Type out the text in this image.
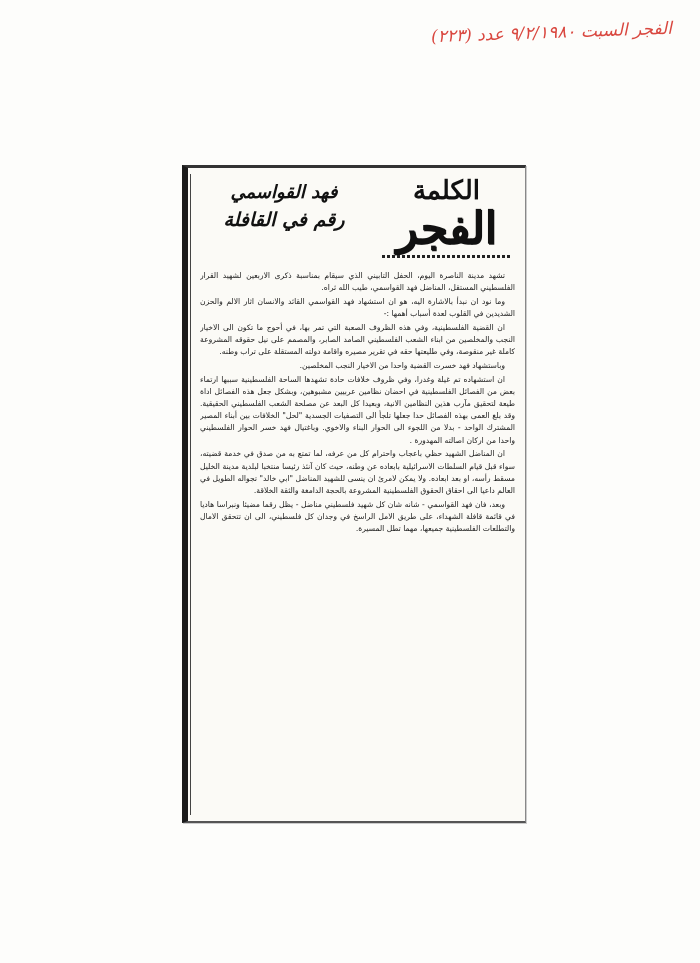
الفجر السبت ٩/٢/١٩٨٠ عدد (٢٢٣)
الكلمة
الفجر
فهد القواسمي
رقم في القافلة

تشهد مدينة الناصرة اليوم، الحفل التابيني الذي سيقام بمناسبة ذكرى الاربعين لشهيد القرار الفلسطيني المستقل، المناضل فهد القواسمي، طيب الله ثراه.

وما نود ان نبدأ بالاشارة اليه، هو ان استشهاد فهد القواسمي القائد والانسان اثار الالم والحزن الشديدين في القلوب لعدة أسباب أهمها :-

ان القضية الفلسطينية، وفي هذه الظروف الصعبة التي تمر بها، في أحوج ما تكون الى الاخيار النجب والمخلصين من ابناء الشعب الفلسطيني الصامد الصابر، والمصمم على نيل حقوقه المشروعة كاملة غير منقوصة، وفي طليعتها حقه في تقرير مصيره واقامة دولته المستقلة على تراب وطنه.

وباستشهاد فهد خسرت القضية واحدا من الاخيار النجب المخلصين.

ان استشهاده تم غيلة وغدرا، وفي ظروف خلافات حادة تشهدها الساحة الفلسطينية سببها ارتماء بعض من الفصائل الفلسطينية في احضان نظامين عربيين مشبوهين، وبشكل جعل هذه الفصائل اداة طيعة لتحقيق مآرب هذين النظامين الانية، وبعيدا كل البعد عن مصلحة الشعب الفلسطيني الحقيقية. وقد بلغ العمى بهذه الفصائل حدا جعلها تلجأ الى التصفيات الجسدية "لحل" الخلافات بين أبناء المصير المشترك الواحد - بدلا من اللجوء الى الحوار البناء والاخوي. وباغتيال فهد خسر الحوار الفلسطيني واحدا من اركان اصالته المهدورة .

ان المناضل الشهيد حظي باعجاب واحترام كل من عرفه، لما تمتع به من صدق في خدمة قضيته، سواء قبل قيام السلطات الاسرائيلية بابعاده عن وطنه، حيث كان آنئذ رئيسا منتخبا لبلدية مدينة الخليل مسقط رأسه، او بعد ابعاده. ولا يمكن لامرئ ان ينسى للشهيد المناضل "ابي خالد" تجواله الطويل في العالم داعيا الى احقاق الحقوق الفلسطينية المشروعة بالحجة الدامغة والثقة الخلاقة.

وبعد، فان فهد القواسمي - شانه شان كل شهيد فلسطيني مناضل - يظل رقما مضيئا ونبراسا هاديا في قائمة قافلة الشهداء، على طريق الامل الراسخ في وجدان كل فلسطيني، الى ان تتحقق الامال والتطلعات الفلسطينية جميعها، مهما تطل المسيرة.
